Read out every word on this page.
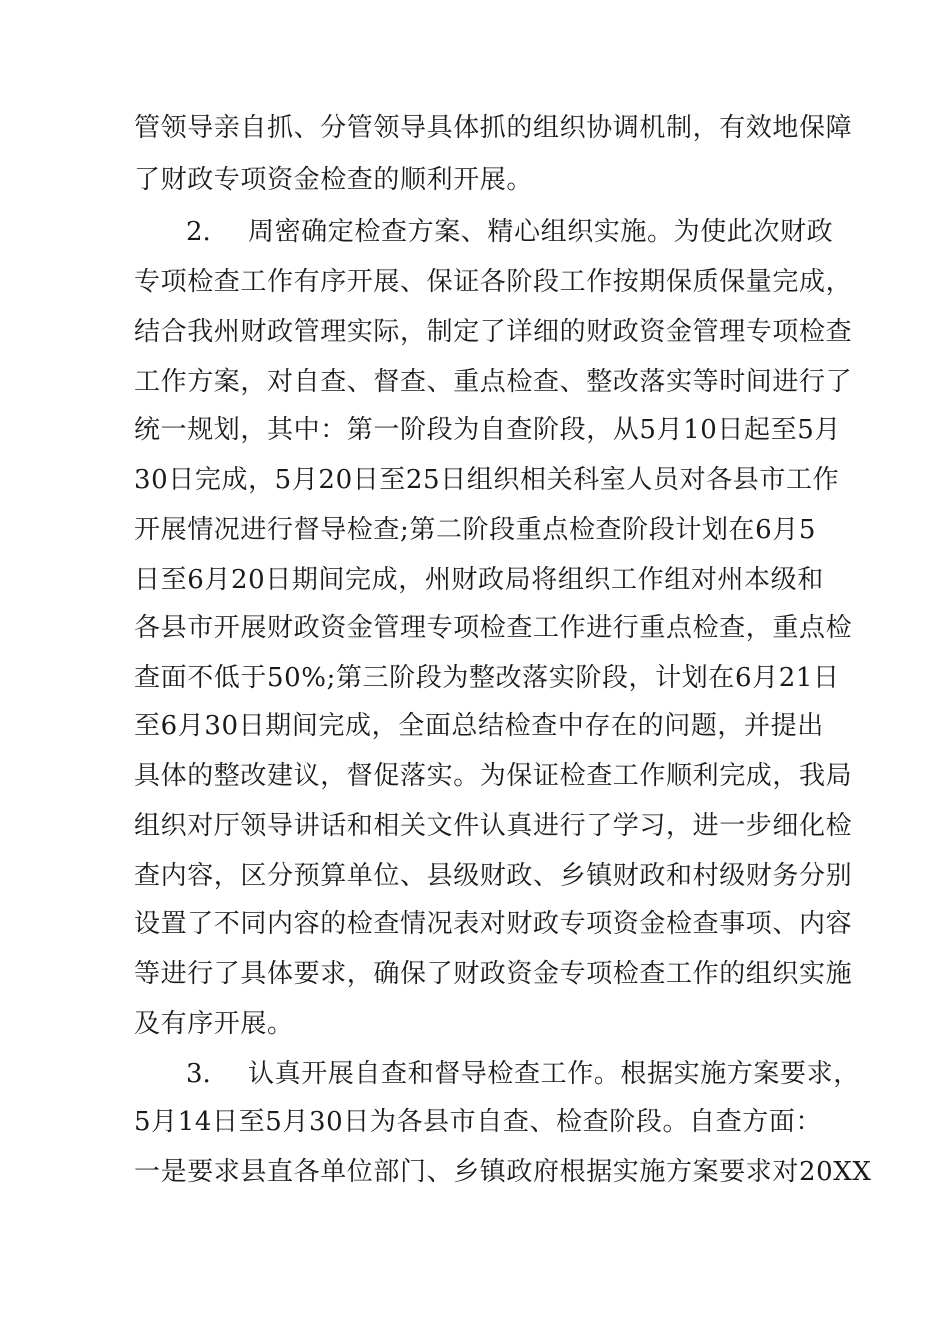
管领导亲自抓、分管领导具体抓的组织协调机制，有效地保障
了财政专项资金检查的顺利开展。
2. 周密确定检查方案、精心组织实施。为使此次财政
专项检查工作有序开展、保证各阶段工作按期保质保量完成，
结合我州财政管理实际，制定了详细的财政资金管理专项检查
工作方案，对自查、督查、重点检查、整改落实等时间进行了
统一规划，其中：第一阶段为自查阶段，从5月10日起至5月
30日完成，5月20日至25日组织相关科室人员对各县市工作
开展情况进行督导检查;第二阶段重点检查阶段计划在6月5
日至6月20日期间完成，州财政局将组织工作组对州本级和
各县市开展财政资金管理专项检查工作进行重点检查，重点检
查面不低于50%;第三阶段为整改落实阶段，计划在6月21日
至6月30日期间完成，全面总结检查中存在的问题，并提出
具体的整改建议，督促落实。为保证检查工作顺利完成，我局
组织对厅领导讲话和相关文件认真进行了学习，进一步细化检
查内容，区分预算单位、县级财政、乡镇财政和村级财务分别
设置了不同内容的检查情况表对财政专项资金检查事项、内容
等进行了具体要求，确保了财政资金专项检查工作的组织实施
及有序开展。
3. 认真开展自查和督导检查工作。根据实施方案要求，
5月14日至5月30日为各县市自查、检查阶段。自查方面：
一是要求县直各单位部门、乡镇政府根据实施方案要求对20XX
